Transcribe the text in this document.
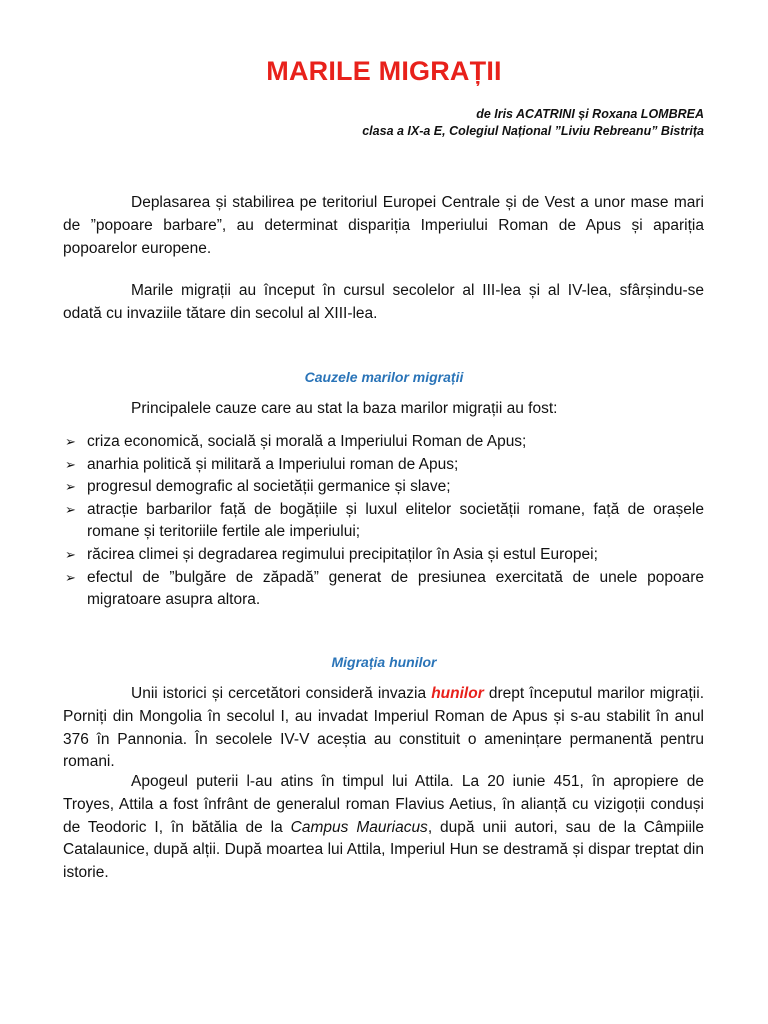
MARILE MIGRAȚII
de Iris ACATRINI și Roxana LOMBREA
clasa a IX-a E, Colegiul Național ”Liviu Rebreanu” Bistrița

Deplasarea și stabilirea pe teritoriul Europei Centrale și de Vest a unor mase mari de ”popoare barbare”, au determinat dispariția Imperiului Roman de Apus și apariția popoarelor europene.

Marile migrații au început în cursul secolelor al III-lea și al IV-lea, sfârșindu-se odată cu invaziile tătare din secolul al XIII-lea.

Cauzele marilor migrații

Principalele cauze care au stat la baza marilor migrații au fost:

➢ criza economică, socială și morală a Imperiului Roman de Apus;
➢ anarhia politică și militară a Imperiului roman de Apus;
➢ progresul demografic al societății germanice și slave;
➢ atracție barbarilor față de bogățiile și luxul elitelor societății romane, față de orașele romane și teritoriile fertile ale imperiului;
➢ răcirea climei și degradarea regimului precipitaților în Asia și estul Europei;
➢ efectul de ”bulgăre de zăpadă” generat de presiunea exercitată de unele popoare migratoare asupra altora.
Migrația hunilor

Unii istorici și cercetători consideră invazia hunilor drept începutul marilor migrații. Porniți din Mongolia în secolul I, au invadat Imperiul Roman de Apus și s-au stabilit în anul 376 în Pannonia. În secolele IV-V aceștia au constituit o amenințare permanentă pentru romani.

Apogeul puterii l-au atins în timpul lui Attila. La 20 iunie 451, în apropiere de Troyes, Attila a fost înfrânt de generalul roman Flavius Aetius, în alianță cu vizigoții conduși de Teodoric I, în bătălia de la Campus Mauriacus, după unii autori, sau de la Câmpiile Catalaunice, după alții. După moartea lui Attila, Imperiul Hun se destramă și dispar treptat din istorie.
